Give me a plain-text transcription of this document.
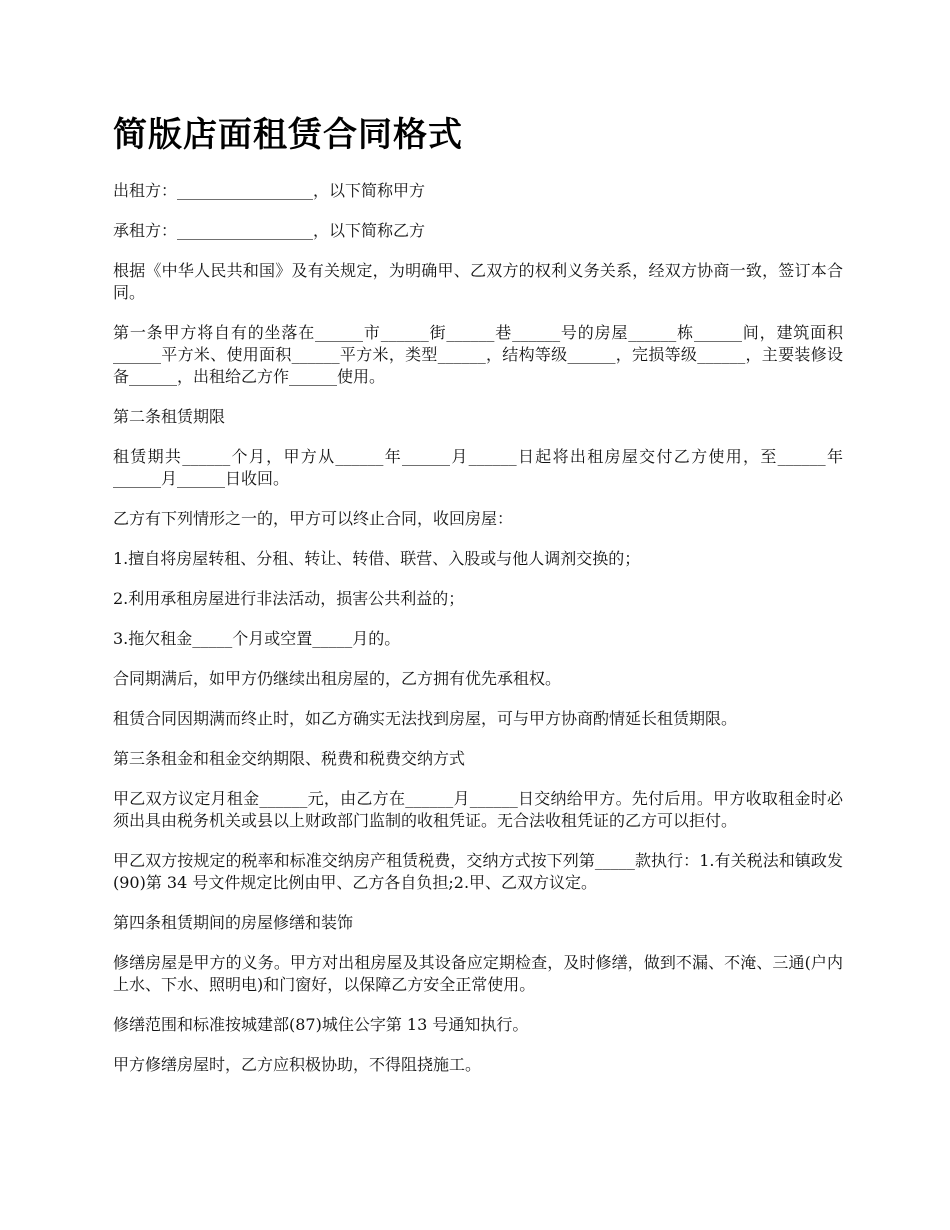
简版店面租赁合同格式

出租方：_________________，以下简称甲方

承租方：_________________，以下简称乙方

根据《中华人民共和国》及有关规定，为明确甲、乙双方的权利义务关系，经双方协商一致，签订本合同。

第一条甲方将自有的坐落在______市______街______巷______号的房屋______栋______间，建筑面积______平方米、使用面积______平方米，类型______，结构等级______，完损等级______，主要装修设备______，出租给乙方作______使用。

第二条租赁期限

租赁期共______个月，甲方从______年______月______日起将出租房屋交付乙方使用，至______年______月______日收回。

乙方有下列情形之一的，甲方可以终止合同，收回房屋：

1.擅自将房屋转租、分租、转让、转借、联营、入股或与他人调剂交换的；

2.利用承租房屋进行非法活动，损害公共利益的；

3.拖欠租金_____个月或空置_____月的。

合同期满后，如甲方仍继续出租房屋的，乙方拥有优先承租权。

租赁合同因期满而终止时，如乙方确实无法找到房屋，可与甲方协商酌情延长租赁期限。

第三条租金和租金交纳期限、税费和税费交纳方式

甲乙双方议定月租金______元，由乙方在______月______日交纳给甲方。先付后用。甲方收取租金时必须出具由税务机关或县以上财政部门监制的收租凭证。无合法收租凭证的乙方可以拒付。

甲乙双方按规定的税率和标准交纳房产租赁税费，交纳方式按下列第_____款执行：1.有关税法和镇政发(90)第 34 号文件规定比例由甲、乙方各自负担;2.甲、乙双方议定。

第四条租赁期间的房屋修缮和装饰

修缮房屋是甲方的义务。甲方对出租房屋及其设备应定期检查，及时修缮，做到不漏、不淹、三通(户内上水、下水、照明电)和门窗好，以保障乙方安全正常使用。

修缮范围和标准按城建部(87)城住公字第 13 号通知执行。

甲方修缮房屋时，乙方应积极协助，不得阻挠施工。
